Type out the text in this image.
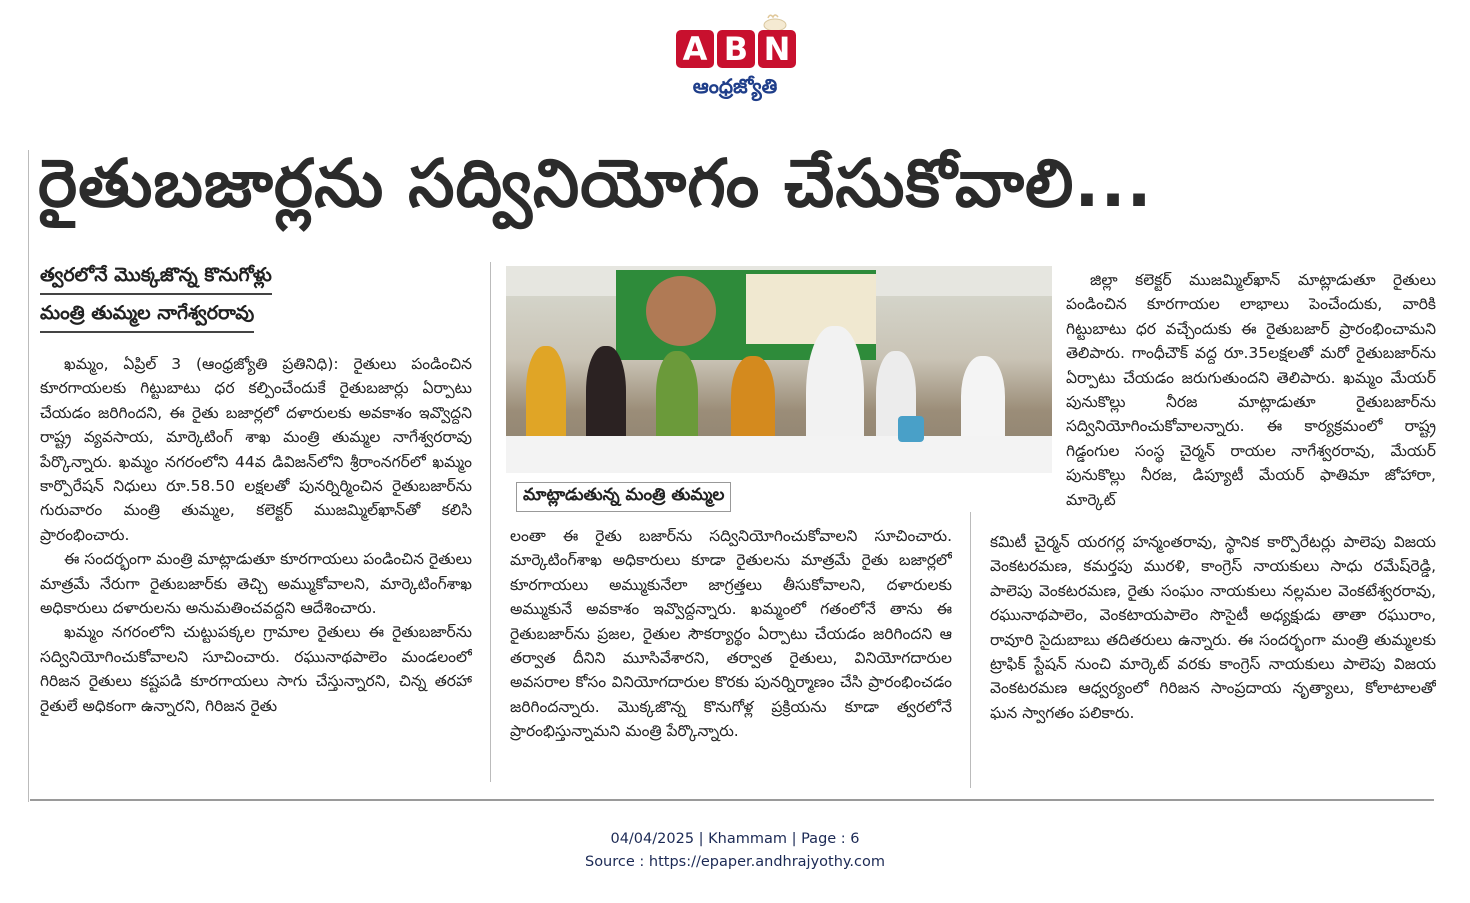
A B N
ఆంధ్రజ్యోతి
రైతుబజార్లను సద్వినియోగం చేసుకోవాలి...
త్వరలోనే మొక్కజొన్న కొనుగోళ్లు
మంత్రి తుమ్మల నాగేశ్వరరావు

ఖమ్మం, ఏప్రిల్ 3 (ఆంధ్రజ్యోతి ప్రతినిధి): రైతులు పండించిన కూరగాయలకు గిట్టుబాటు ధర కల్పించేందుకే రైతుబజార్లు ఏర్పాటు చేయడం జరిగిందని, ఈ రైతు బజార్లలో దళారులకు అవకాశం ఇవ్వొద్దని రాష్ట్ర వ్యవసాయ, మార్కెటింగ్ శాఖ మంత్రి తుమ్మల నాగేశ్వరరావు పేర్కొన్నారు. ఖమ్మం నగరంలోని 44వ డివిజన్‌లోని శ్రీరాంనగర్‌లో ఖమ్మం కార్పొరేషన్ నిధులు రూ.58.50 లక్షలతో పునర్నిర్మించిన రైతుబజార్‌ను గురువారం మంత్రి తుమ్మల, కలెక్టర్ ముజమ్మిల్‌ఖాన్‌తో కలిసి ప్రారంభించారు.

ఈ సందర్భంగా మంత్రి మాట్లాడుతూ కూరగాయలు పండించిన రైతులు మాత్రమే నేరుగా రైతుబజార్‌కు తెచ్చి అమ్ముకోవాలని, మార్కెటింగ్‌శాఖ అధికారులు దళారులను అనుమతించవద్దని ఆదేశించారు.

ఖమ్మం నగరంలోని చుట్టుపక్కల గ్రామాల రైతులు ఈ రైతుబజార్‌ను సద్వినియోగించుకోవాలని సూచించారు. రఘునాథపాలెం మండలంలో గిరిజన రైతులు కష్టపడి కూరగాయలు సాగు చేస్తున్నారని, చిన్న తరహా రైతులే అధికంగా ఉన్నారని, గిరిజన రైతు

మాట్లాడుతున్న మంత్రి తుమ్మల

లంతా ఈ రైతు బజార్‌ను సద్వినియోగించుకోవాలని సూచించారు. మార్కెటింగ్‌శాఖ అధికారులు కూడా రైతులను మాత్రమే రైతు బజార్లలో కూరగాయలు అమ్ముకునేలా జాగ్రత్తలు తీసుకోవాలని, దళారులకు అమ్ముకునే అవకాశం ఇవ్వొద్దన్నారు. ఖమ్మంలో గతంలోనే తాను ఈ రైతుబజార్‌ను ప్రజల, రైతుల సౌకర్యార్థం ఏర్పాటు చేయడం జరిగిందని ఆ తర్వాత దీనిని మూసివేశారని, తర్వాత రైతులు, వినియోగదారుల అవసరాల కోసం వినియోగదారుల కొరకు పునర్నిర్మాణం చేసి ప్రారంభించడం జరిగిందన్నారు. మొక్కజొన్న కొనుగోళ్ల ప్రక్రియను కూడా త్వరలోనే ప్రారంభిస్తున్నామని మంత్రి పేర్కొన్నారు.

జిల్లా కలెక్టర్ ముజమ్మిల్‌ఖాన్ మాట్లాడుతూ రైతులు పండించిన కూరగాయల లాభాలు పెంచేందుకు, వారికి గిట్టుబాటు ధర వచ్చేందుకు ఈ రైతుబజార్ ప్రారంభించామని తెలిపారు. గాంధీచౌక్ వద్ద రూ.35లక్షలతో మరో రైతుబజార్‌ను ఏర్పాటు చేయడం జరుగుతుందని తెలిపారు. ఖమ్మం మేయర్ పునుకొల్లు నీరజ మాట్లాడుతూ రైతుబజార్‌ను సద్వినియోగించుకోవాలన్నారు. ఈ కార్యక్రమంలో రాష్ట్ర గిడ్డంగుల సంస్థ చైర్మన్ రాయల నాగేశ్వరరావు, మేయర్ పునుకొల్లు నీరజ, డిప్యూటీ మేయర్ ఫాతిమా జోహారా, మార్కెట్

కమిటీ చైర్మన్ యరగర్ల హన్మంతరావు, స్థానిక కార్పొరేటర్లు పాలెపు విజయ వెంకటరమణ, కమర్తపు మురళి, కాంగ్రెస్ నాయకులు సాధు రమేష్‌రెడ్డి, పాలెపు వెంకటరమణ, రైతు సంఘం నాయకులు నల్లమల వెంకటేశ్వరరావు, రఘునాథపాలెం, వెంకటాయపాలెం సొసైటీ అధ్యక్షుడు తాతా రఘురాం, రావూరి సైదుబాబు తదితరులు ఉన్నారు. ఈ సందర్భంగా మంత్రి తుమ్మలకు ట్రాఫిక్ స్టేషన్ నుంచి మార్కెట్ వరకు కాంగ్రెస్ నాయకులు పాలెపు విజయ వెంకటరమణ ఆధ్వర్యంలో గిరిజన సాంప్రదాయ నృత్యాలు, కోలాటాలతో ఘన స్వాగతం పలికారు.

04/04/2025 | Khammam | Page : 6
Source : https://epaper.andhrajyothy.com
